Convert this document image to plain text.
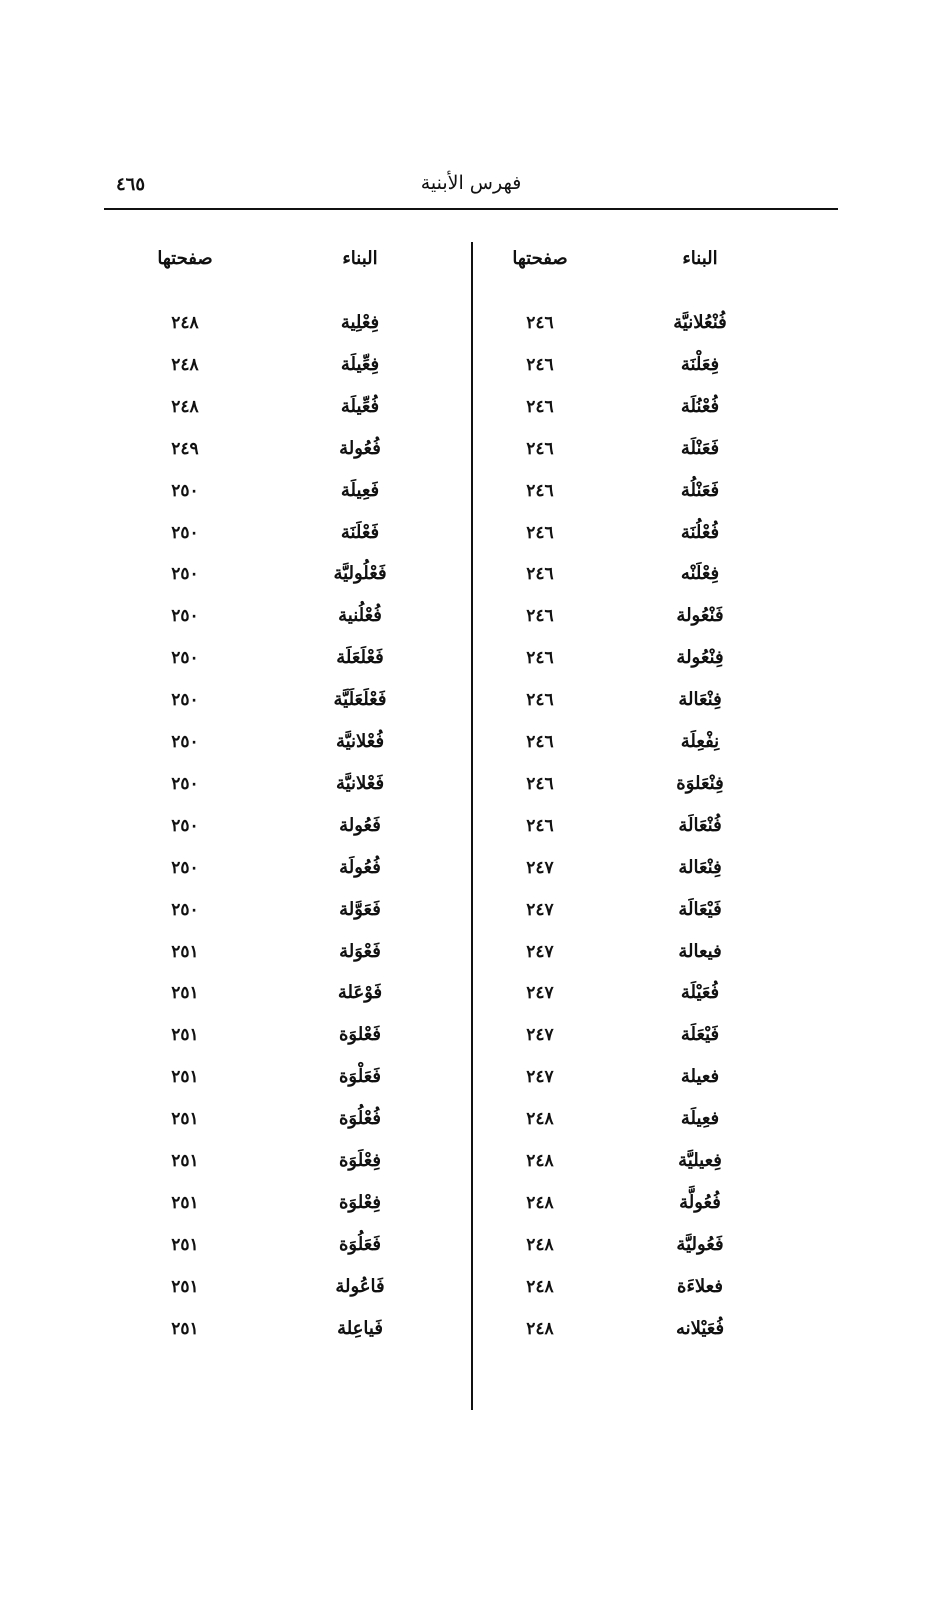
٤٦٥	فهرس الأبنية
البناء
صفحتها
البناء
صفحتها
فُنْعُلانيَّة
فِعَلْنَة
فُعْنُلَة
فَعَنْلَة
فَعَنْلُة
فُعْلُنَة
فِعْلَنْه
فَنْعُولة
فِنْعُولة
فِنْعَالة
نِفْعِلَة
فِنْعَلوَة
فُنْعَالَة
فِنْعَالة
فَيْعَالَة
فيعالة
فُعَيْلَة
فَيْعَلَة
فعيلة
فعِيلَة
فِعيليَّة
فُعُولَّة
فَعُوليَّة
فعلاءَة
فُعَيْلانه
٢٤٦
٢٤٦
٢٤٦
٢٤٦
٢٤٦
٢٤٦
٢٤٦
٢٤٦
٢٤٦
٢٤٦
٢٤٦
٢٤٦
٢٤٦
٢٤٧
٢٤٧
٢٤٧
٢٤٧
٢٤٧
٢٤٧
٢٤٨
٢٤٨
٢٤٨
٢٤٨
٢٤٨
٢٤٨
فِعْلِية
فِعِّيلَة
فُعِّيلَة
فُعُولة
فَعِيلَة
فَعْلَنَة
فَعْلُوليَّة
فُعْلُنية
فَعْلَعَلَة
فَعْلَعَلَيَّة
فُعْلانيَّة
فَعْلانيَّة
فَعُولة
فُعُولَة
فَعَوَّلة
فَعْوَلة
فَوْعَلة
فَعْلوَة
فَعَلْوَة
فُعْلُوَة
فِعْلَوَة
فِعْلوَة
فَعَلُوَة
فَاعُولة
فَياعِلة
٢٤٨
٢٤٨
٢٤٨
٢٤٩
٢٥٠
٢٥٠
٢٥٠
٢٥٠
٢٥٠
٢٥٠
٢٥٠
٢٥٠
٢٥٠
٢٥٠
٢٥٠
٢٥١
٢٥١
٢٥١
٢٥١
٢٥١
٢٥١
٢٥١
٢٥١
٢٥١
٢٥١
